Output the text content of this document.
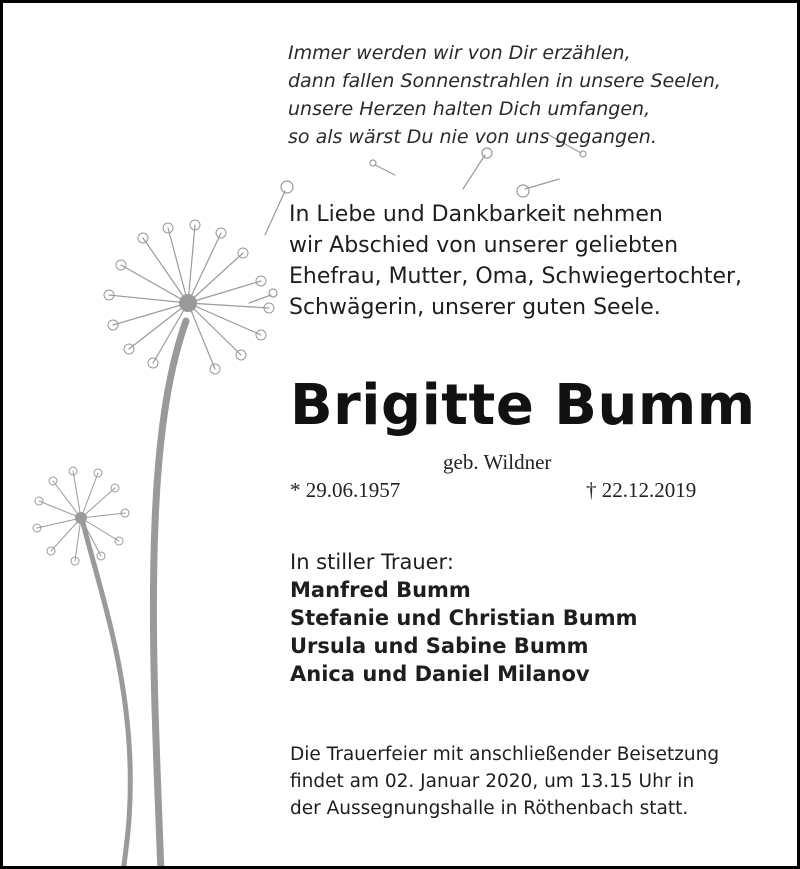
Immer werden wir von Dir erzählen,
dann fallen Sonnenstrahlen in unsere Seelen,
unsere Herzen halten Dich umfangen,
so als wärst Du nie von uns gegangen.
In Liebe und Dankbarkeit nehmen
wir Abschied von unserer geliebten
Ehefrau, Mutter, Oma, Schwiegertochter,
Schwägerin, unserer guten Seele.
Brigitte Bumm
geb. Wildner
* 29.06.1957	† 22.12.2019
In stiller Trauer:
Manfred Bumm
Stefanie und Christian Bumm
Ursula und Sabine Bumm
Anica und Daniel Milanov
Die Trauerfeier mit anschließender Beisetzung
findet am 02. Januar 2020, um 13.15 Uhr in
der Aussegnungshalle in Röthenbach statt.
